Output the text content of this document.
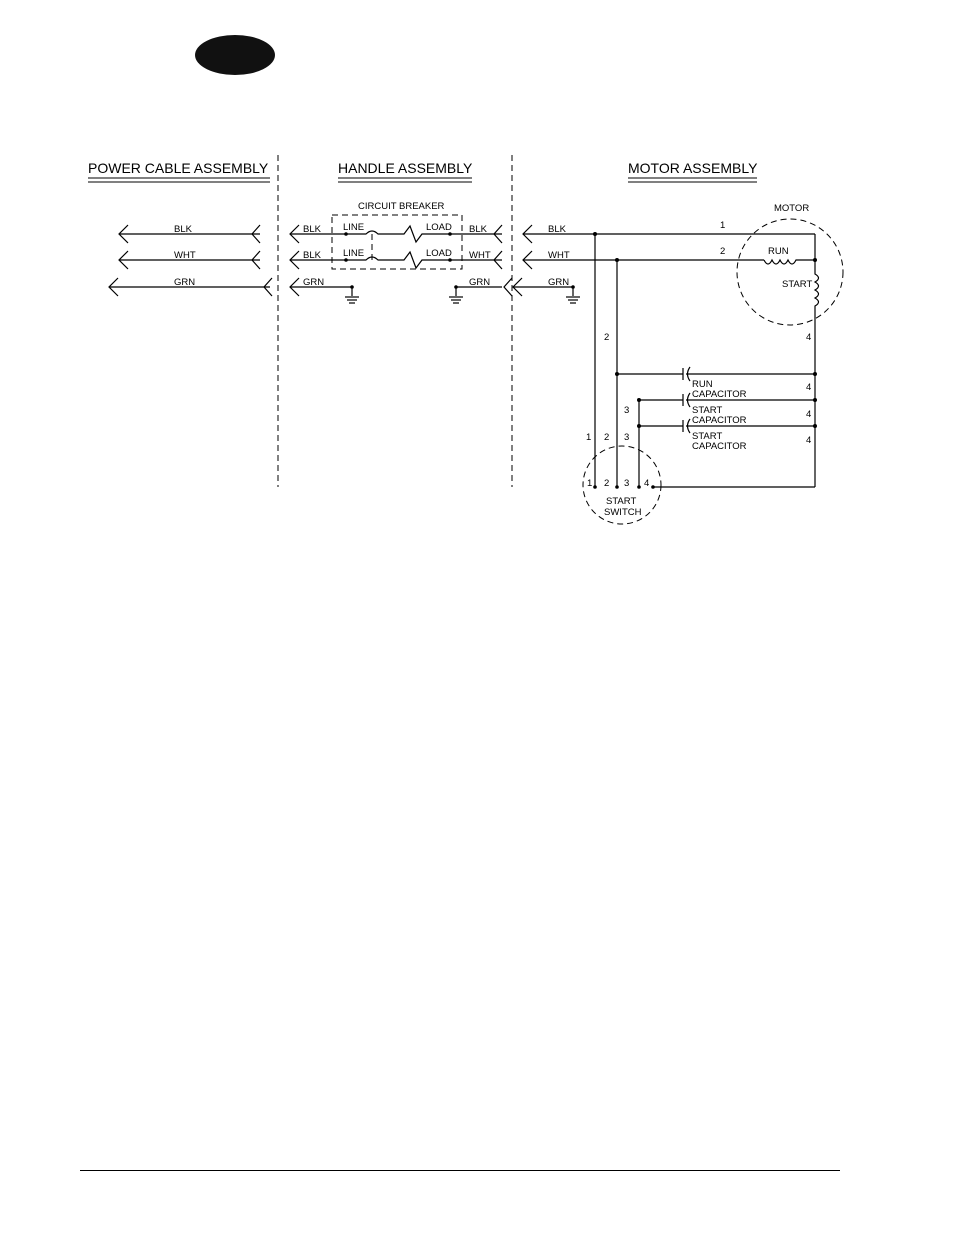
POWER CABLE ASSEMBLY	HANDLE ASSEMBLY	MOTOR ASSEMBLY
BLK
WHT
GRN
CIRCUIT BREAKER
BLK
BLK
GRN
LINE
LINE
LOAD
LOAD
BLK
WHT
GRN
BLK
WHT
GRN
1
2
MOTOR
RUN
START
2	4
4
4
4
RUN
CAPACITOR
START
CAPACITOR
START
CAPACITOR
3
3
1 2
1 2 3 4
START
SWITCH
